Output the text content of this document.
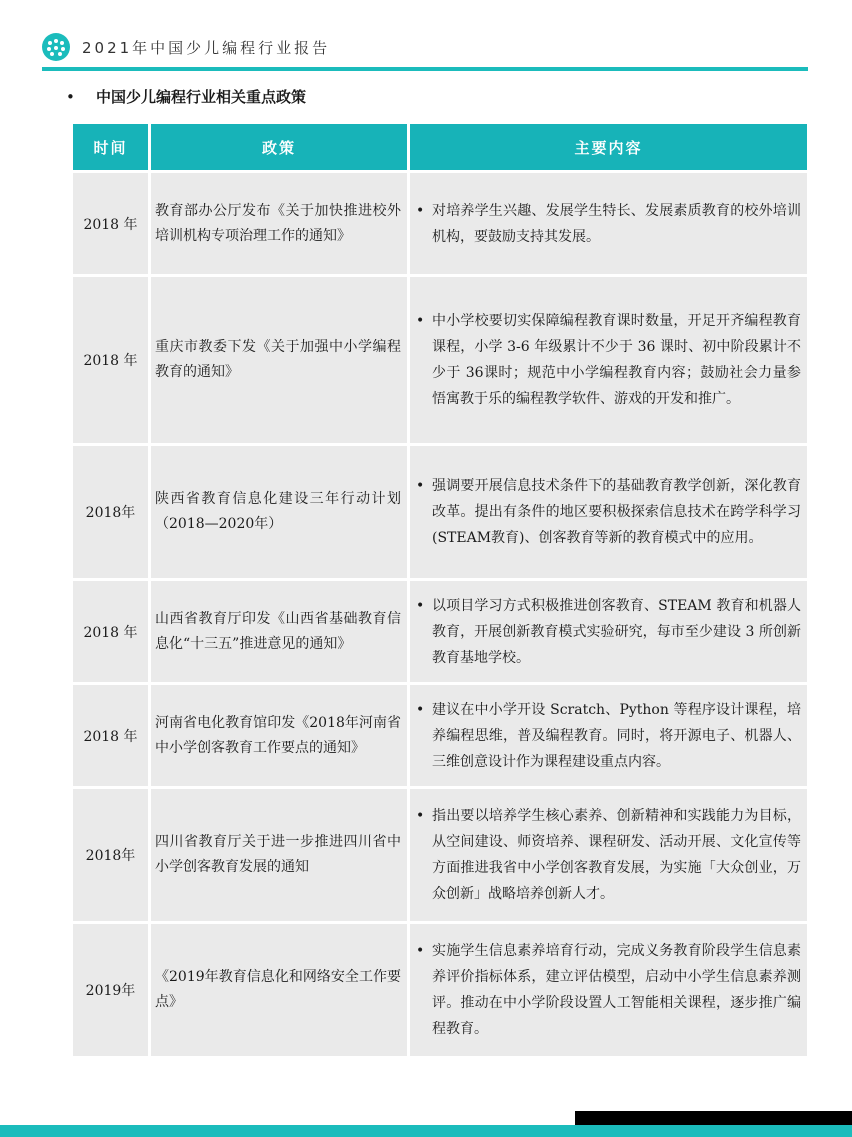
2021年中国少儿编程行业报告
• 中国少儿编程行业相关重点政策
时间	政策	主要内容
2018 年	教育部办公厅发布《关于加快推进校外培训机构专项治理工作的通知》	• 对培养学生兴趣、发展学生特长、发展素质教育的校外培训机构，要鼓励支持其发展。

2018 年	重庆市教委下发《关于加强中小学编程教育的通知》	• 中小学校要切实保障编程教育课时数量，开足开齐编程教育课程，小学 3-6 年级累计不少于 36 课时、初中阶段累计不少于 36课时；规范中小学编程教育内容；鼓励社会力量参悟寓教于乐的编程教学软件、游戏的开发和推广。

2018年	陕西省教育信息化建设三年行动计划（2018—2020年）	• 强调要开展信息技术条件下的基础教育教学创新，深化教育改革。提出有条件的地区要积极探索信息技术在跨学科学习(STEAM教育)、创客教育等新的教育模式中的应用。

2018 年	山西省教育厅印发《山西省基础教育信息化“十三五”推进意见的通知》	• 以项目学习方式积极推进创客教育、STEAM 教育和机器人教育，开展创新教育模式实验研究，每市至少建设 3 所创新教育基地学校。

2018 年	河南省电化教育馆印发《2018年河南省中小学创客教育工作要点的通知》	• 建议在中小学开设 Scratch、Python 等程序设计课程，培养编程思维，普及编程教育。同时，将开源电子、机器人、三维创意设计作为课程建设重点内容。

2018年	四川省教育厅关于进一步推进四川省中小学创客教育发展的通知	• 指出要以培养学生核心素养、创新精神和实践能力为目标，从空间建设、师资培养、课程研发、活动开展、文化宣传等方面推进我省中小学创客教育发展，为实施「大众创业，万众创新」战略培养创新人才。

2019年	《2019年教育信息化和网络安全工作要点》	• 实施学生信息素养培育行动，完成义务教育阶段学生信息素养评价指标体系，建立评估模型，启动中小学生信息素养测评。推动在中小学阶段设置人工智能相关课程，逐步推广编程教育。
